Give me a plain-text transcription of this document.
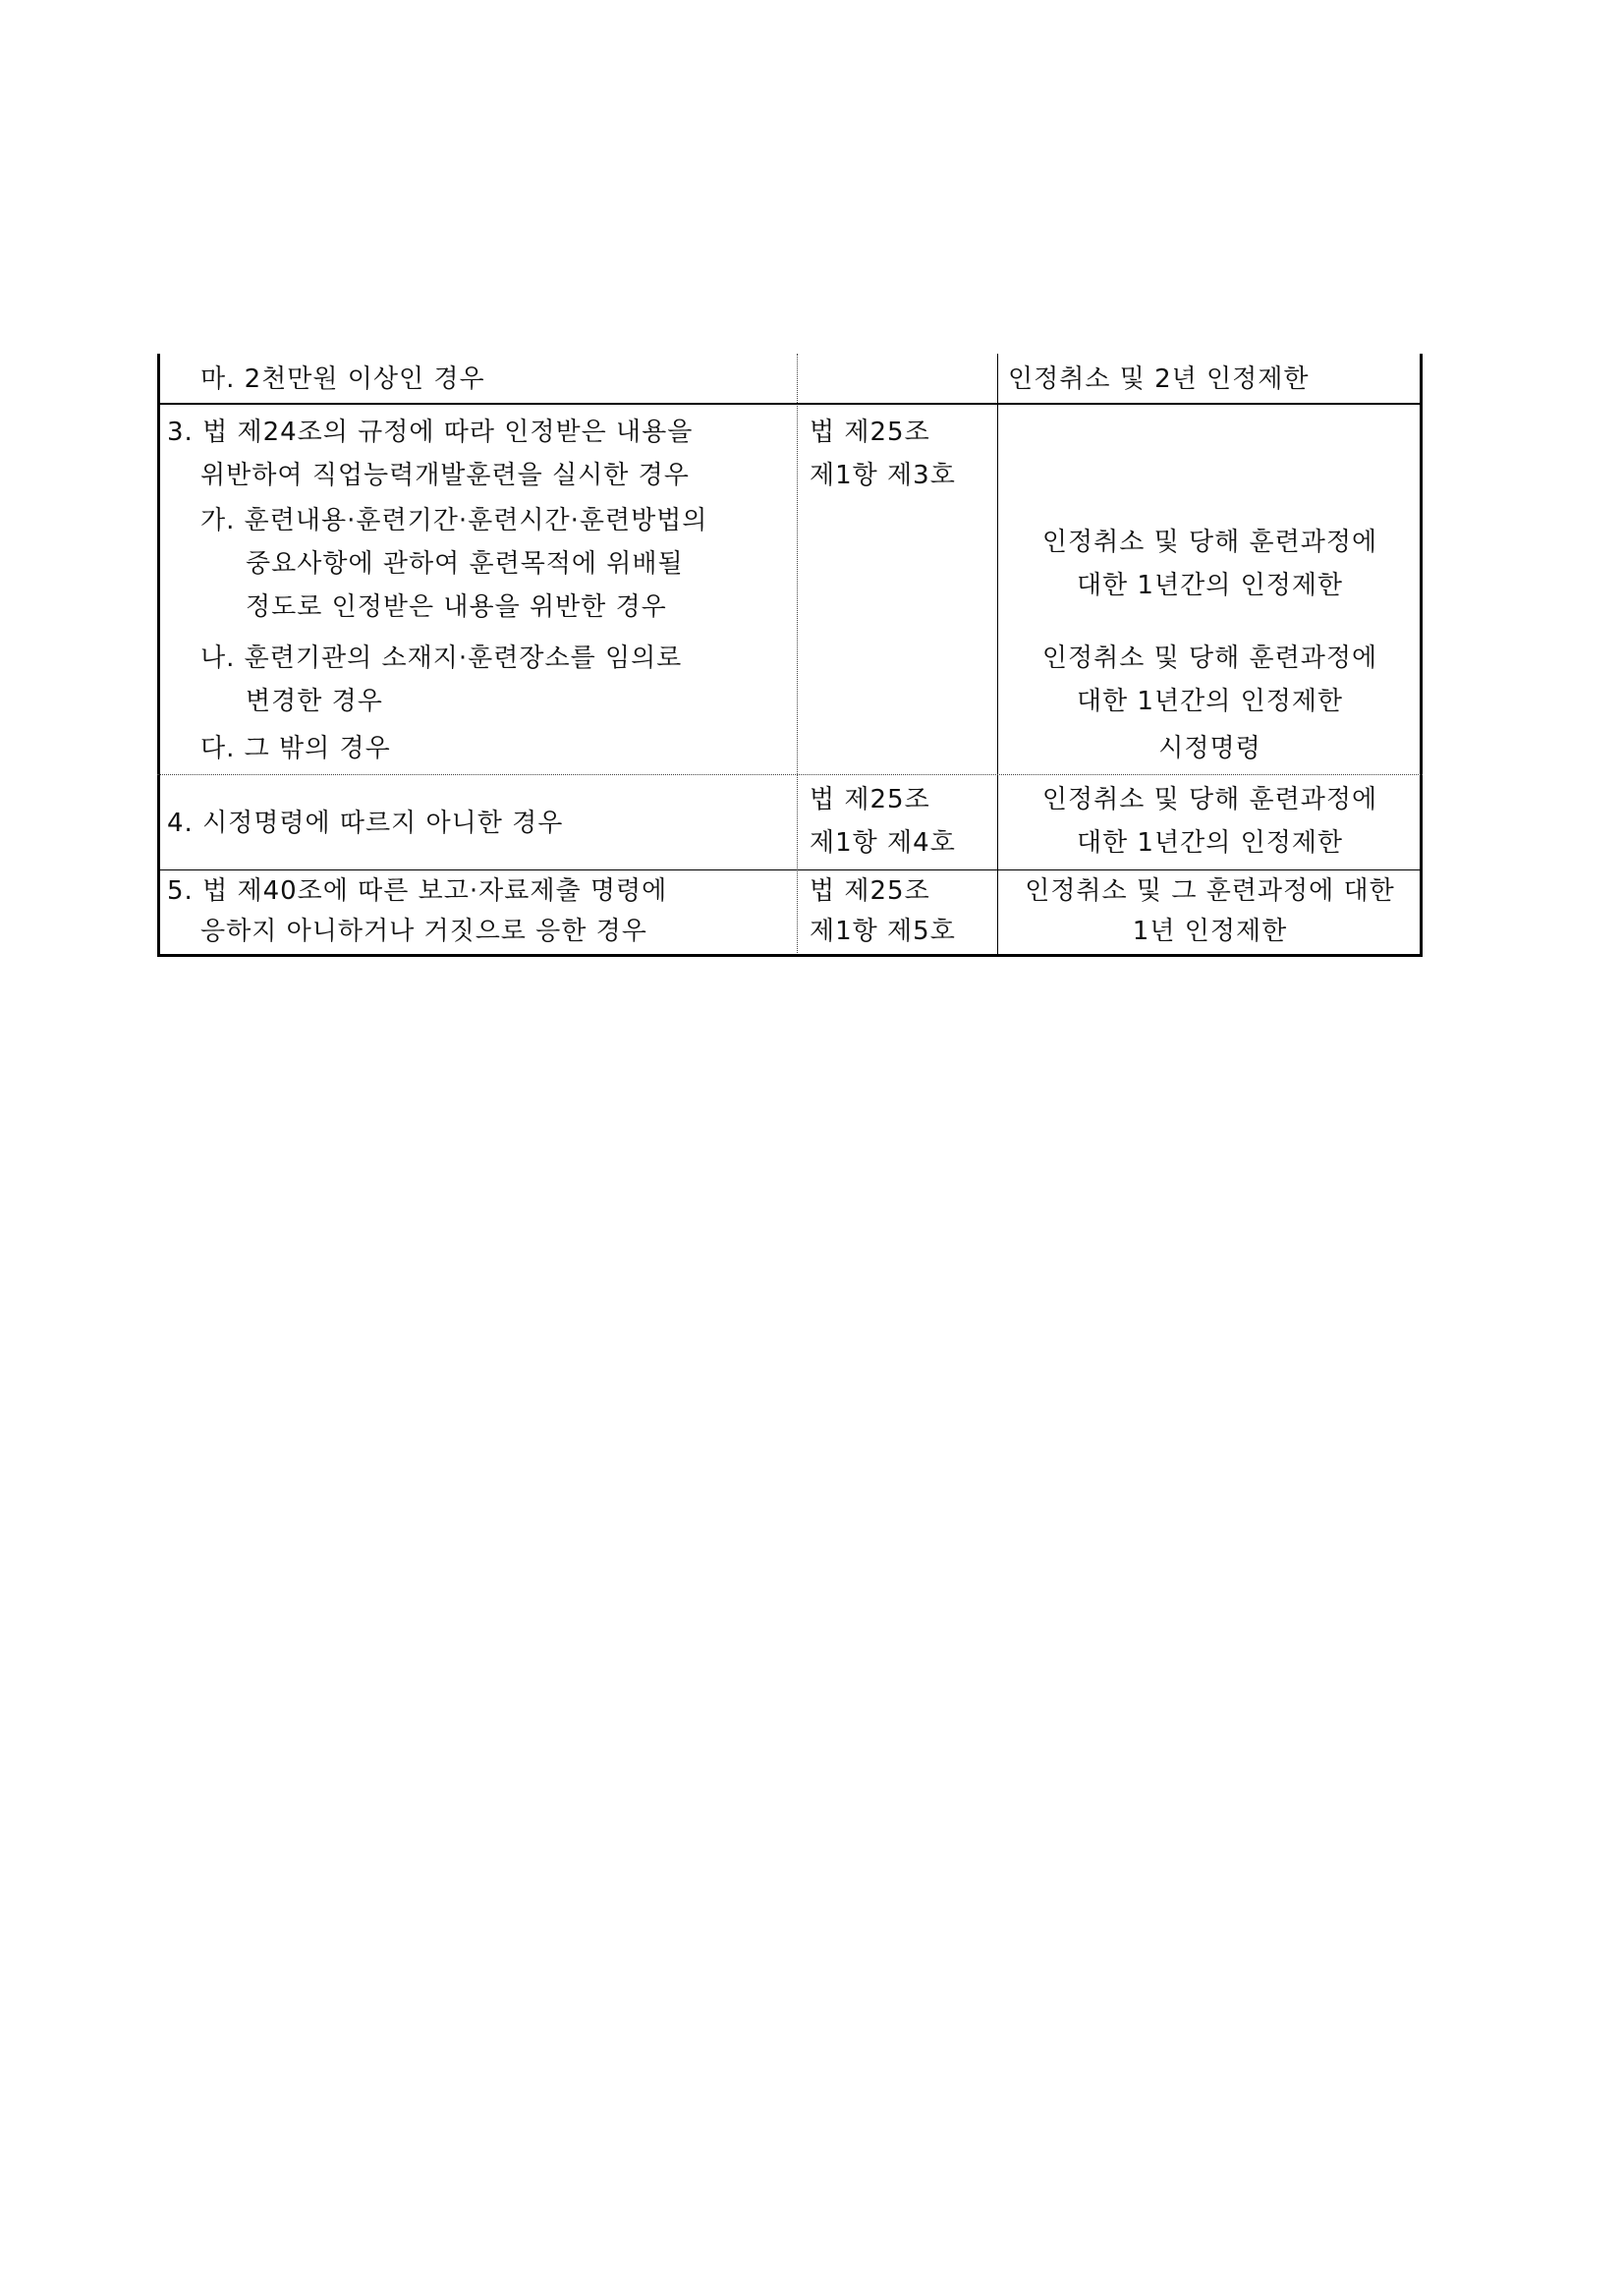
마. 2천만원 이상인 경우	인정취소 및 2년 인정제한
3. 법 제24조의 규정에 따라 인정받은 내용을
위반하여 직업능력개발훈련을 실시한 경우
법 제25조
제1항 제3호
가. 훈련내용·훈련기간·훈련시간·훈련방법의
중요사항에 관하여 훈련목적에 위배될
정도로 인정받은 내용을 위반한 경우
인정취소 및 당해 훈련과정에
대한 1년간의 인정제한
나. 훈련기관의 소재지·훈련장소를 임의로
변경한 경우
인정취소 및 당해 훈련과정에
대한 1년간의 인정제한
다. 그 밖의 경우	시정명령
4. 시정명령에 따르지 아니한 경우
법 제25조
제1항 제4호
인정취소 및 당해 훈련과정에
대한 1년간의 인정제한
5. 법 제40조에 따른 보고·자료제출 명령에
응하지 아니하거나 거짓으로 응한 경우
법 제25조
제1항 제5호
인정취소 및 그 훈련과정에 대한
1년 인정제한
